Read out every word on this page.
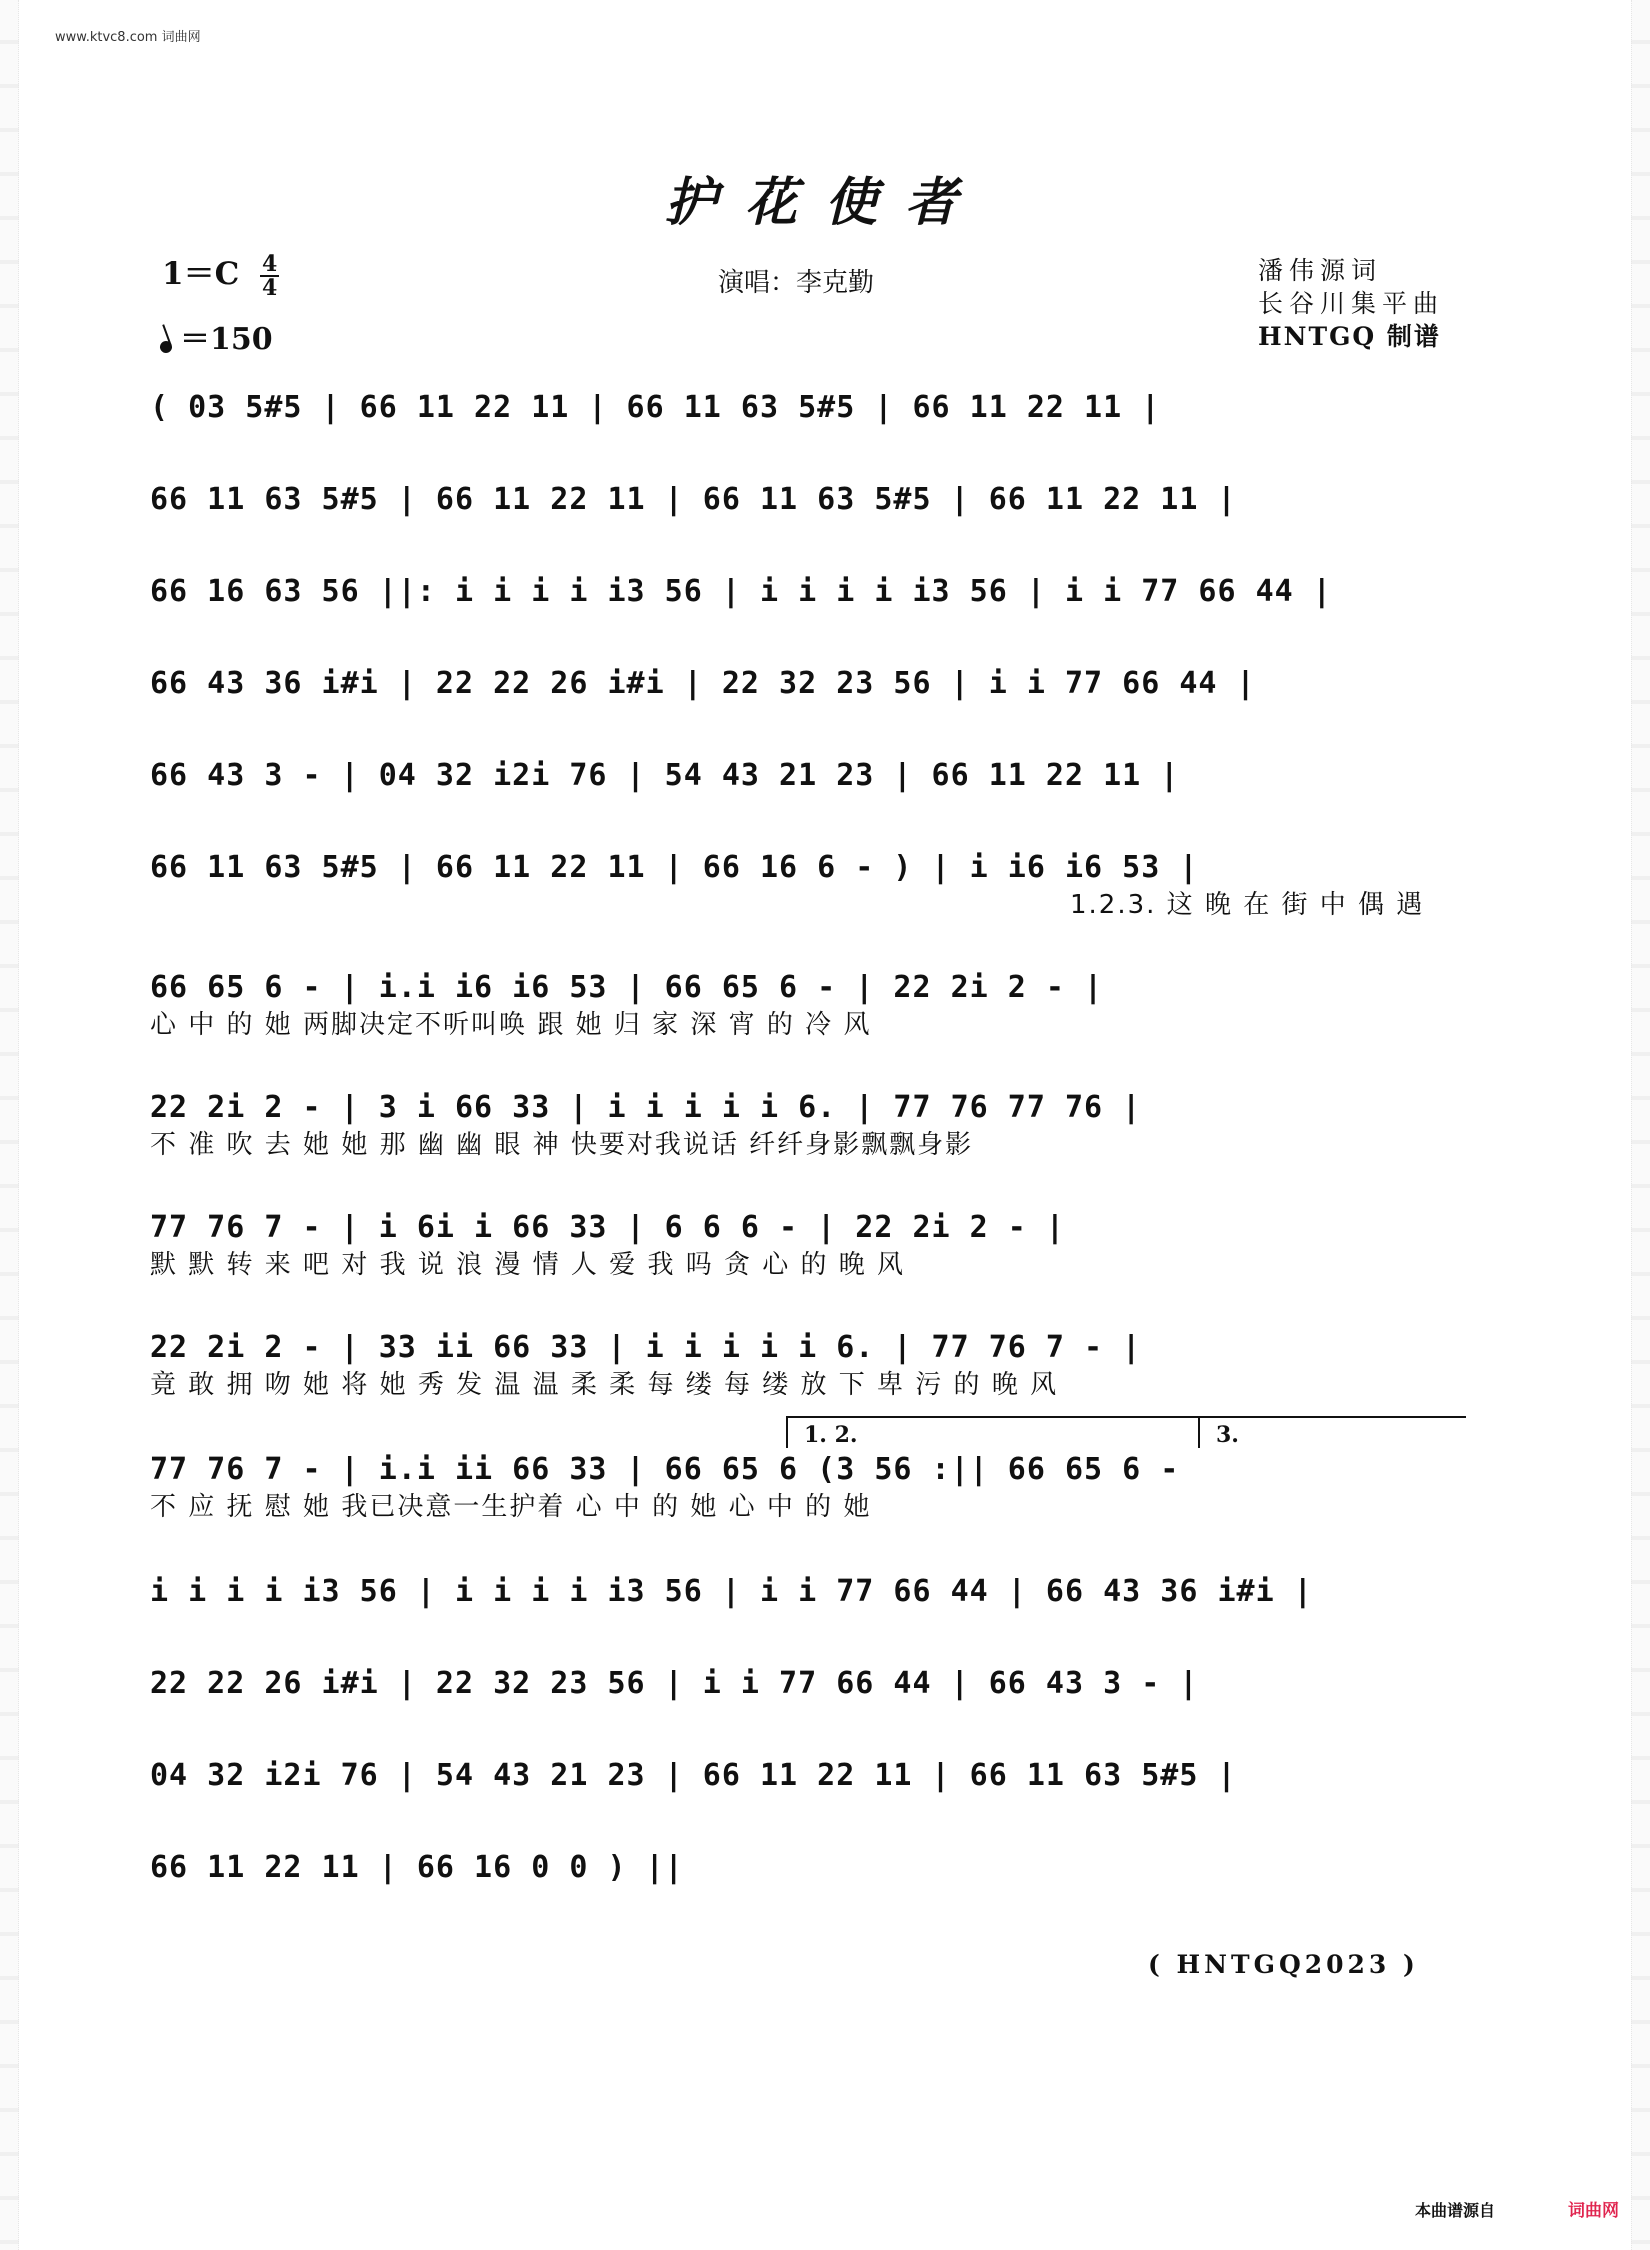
www.ktvc8.com 词曲网
护花使者
$1=C \frac{4}{4}$
＝150
演唱：李克勤	潘伟源词
长谷川集平曲
HNTGQ 制谱
( 03 5#5 | 66 11 22 11 | 66 11 63 5#5 | 66 11 22 11 |
66 11 63 5#5 | 66 11 22 11 | 66 11 63 5#5 | 66 11 22 11 |
66 16 63 56 ||: i i i i i3 56 | i i i i i3 56 | i i 77 66 44 |
66 43 36 i#i | 22 22 26 i#i | 22 32 23 56 | i i 77 66 44 |
66 43 3 - | 04 32 i2i 76 | 54 43 21 23 | 66 11 22 11 |
66 11 63 5#5 | 66 11 22 11 | 66 16 6 - ) | i i6 i6 53 |
1.2.3. 这 晚 在 街 中 偶 遇
66 65 6 - | i.i i6 i6 53 | 66 65 6 - | 22 2i 2 - |
心 中 的 她 两脚决定不听叫唤 跟 她 归 家 深 宵 的 冷 风
22 2i 2 - | 3 i 66 33 | i i i i i 6. | 77 76 77 76 |
不 准 吹 去 她 她 那 幽 幽 眼 神 快要对我说话 纤纤身影飘飘身影
77 76 7 - | i 6i i 66 33 | 6 6 6 - | 22 2i 2 - |
默 默 转 来 吧 对 我 说 浪 漫 情 人 爱 我 吗 贪 心 的 晚 风
22 2i 2 - | 33 ii 66 33 | i i i i i 6. | 77 76 7 - |
竟 敢 拥 吻 她 将 她 秀 发 温 温 柔 柔 每 缕 每 缕 放 下 卑 污 的 晚 风
1. 2.	3.
77 76 7 - | i.i ii 66 33 | 66 65 6 (3 56 :|| 66 65 6 -
不 应 抚 慰 她 我已决意一生护着 心 中 的 她 心 中 的 她
i i i i i3 56 | i i i i i3 56 | i i 77 66 44 | 66 43 36 i#i |
22 22 26 i#i | 22 32 23 56 | i i 77 66 44 | 66 43 3 - |
04 32 i2i 76 | 54 43 21 23 | 66 11 22 11 | 66 11 63 5#5 |
66 11 22 11 | 66 16 0 0 ) ||
( HNTGQ2023 )
本曲谱源自	词曲网
